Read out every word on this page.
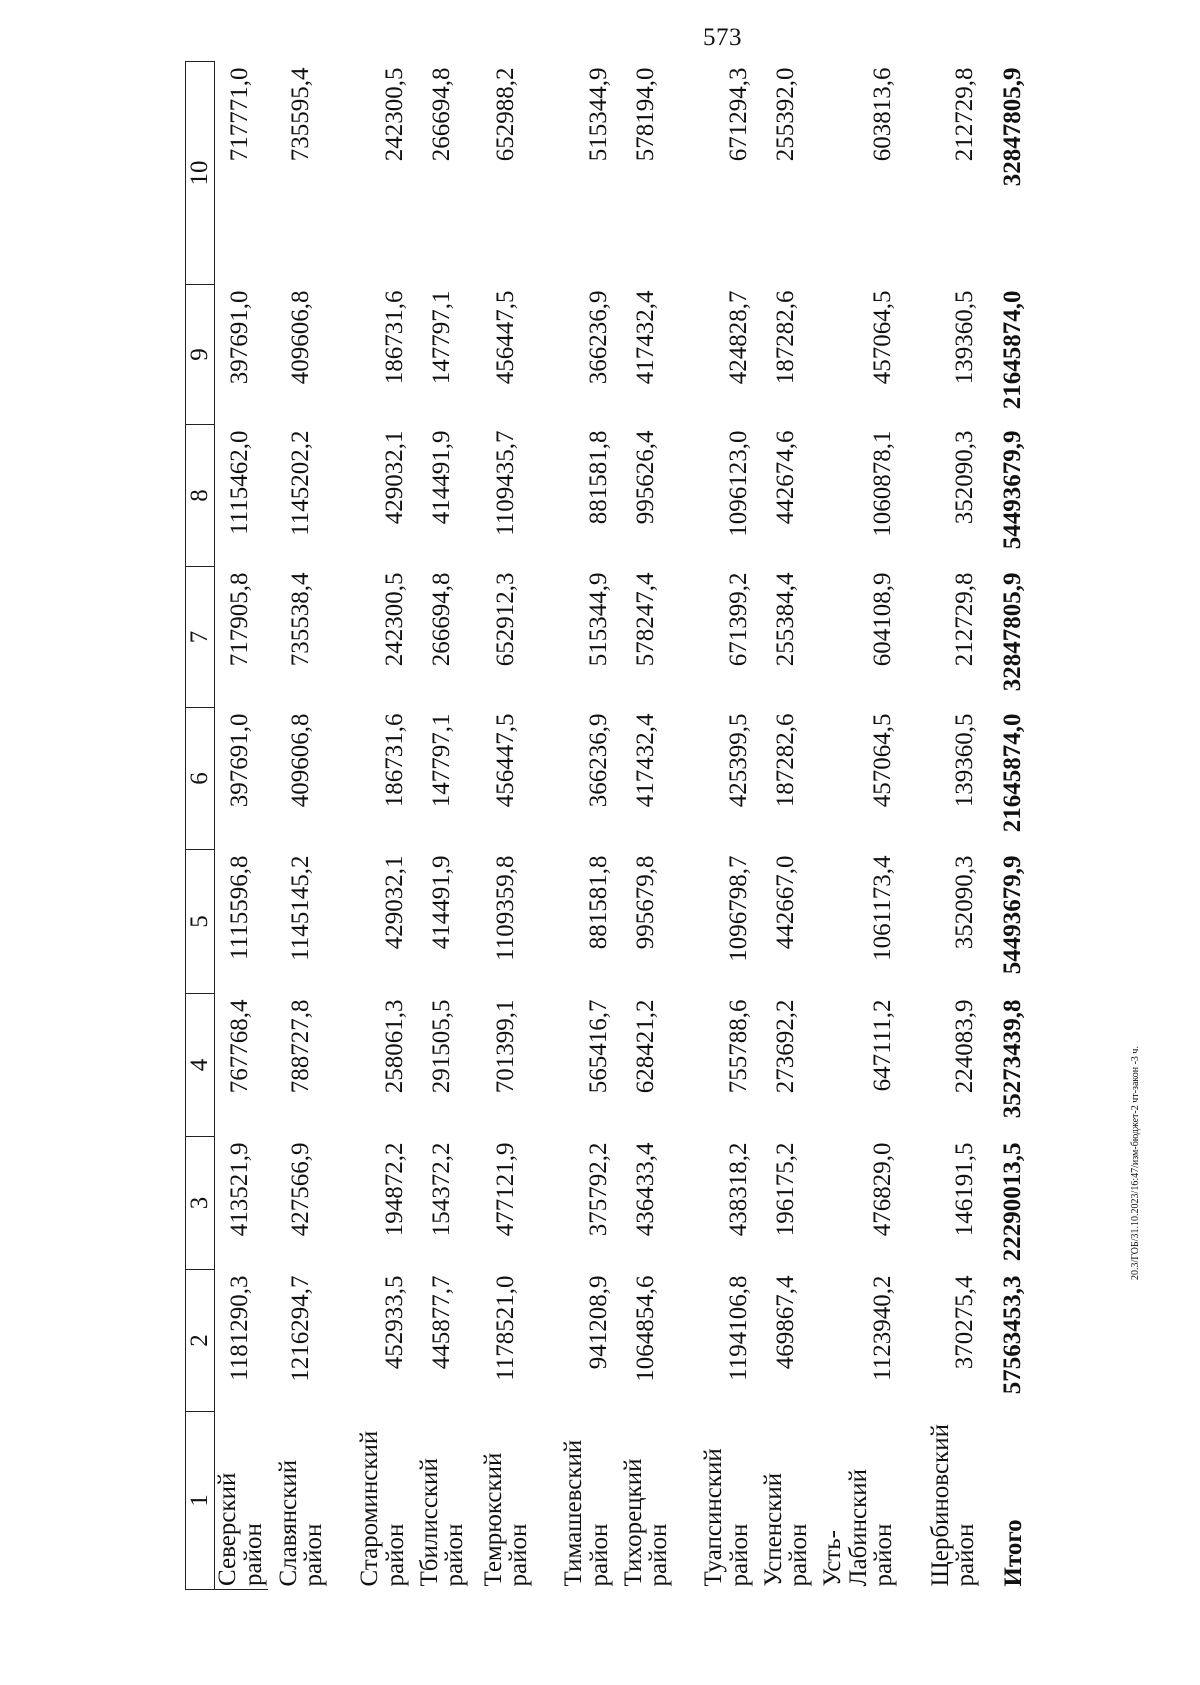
573
20.3/ГОБ/31.10.2023/16:47/изм-бюджет-2 чт-закон -3 ч.
1	2	3	4	5	6	7	8	9	10
Северский район	1181290,3	413521,9	767768,4	1115596,8	397691,0	717905,8	1115462,0	397691,0	717771,0
Славянский район	1216294,7	427566,9	788727,8	1145145,2	409606,8	735538,4	1145202,2	409606,8	735595,4
Староминский район	452933,5	194872,2	258061,3	429032,1	186731,6	242300,5	429032,1	186731,6	242300,5
Тбилисский район	445877,7	154372,2	291505,5	414491,9	147797,1	266694,8	414491,9	147797,1	266694,8
Темрюкский район	1178521,0	477121,9	701399,1	1109359,8	456447,5	652912,3	1109435,7	456447,5	652988,2
Тимашевский район	941208,9	375792,2	565416,7	881581,8	366236,9	515344,9	881581,8	366236,9	515344,9
Тихорецкий район	1064854,6	436433,4	628421,2	995679,8	417432,4	578247,4	995626,4	417432,4	578194,0
Туапсинский район	1194106,8	438318,2	755788,6	1096798,7	425399,5	671399,2	1096123,0	424828,7	671294,3
Успенский район	469867,4	196175,2	273692,2	442667,0	187282,6	255384,4	442674,6	187282,6	255392,0
Усть-Лабинский район	1123940,2	476829,0	647111,2	1061173,4	457064,5	604108,9	1060878,1	457064,5	603813,6
Щербиновский район	370275,4	146191,5	224083,9	352090,3	139360,5	212729,8	352090,3	139360,5	212729,8
Итого	57563453,3	22290013,5	35273439,8	54493679,9	21645874,0	32847805,9	54493679,9	21645874,0	32847805,9
